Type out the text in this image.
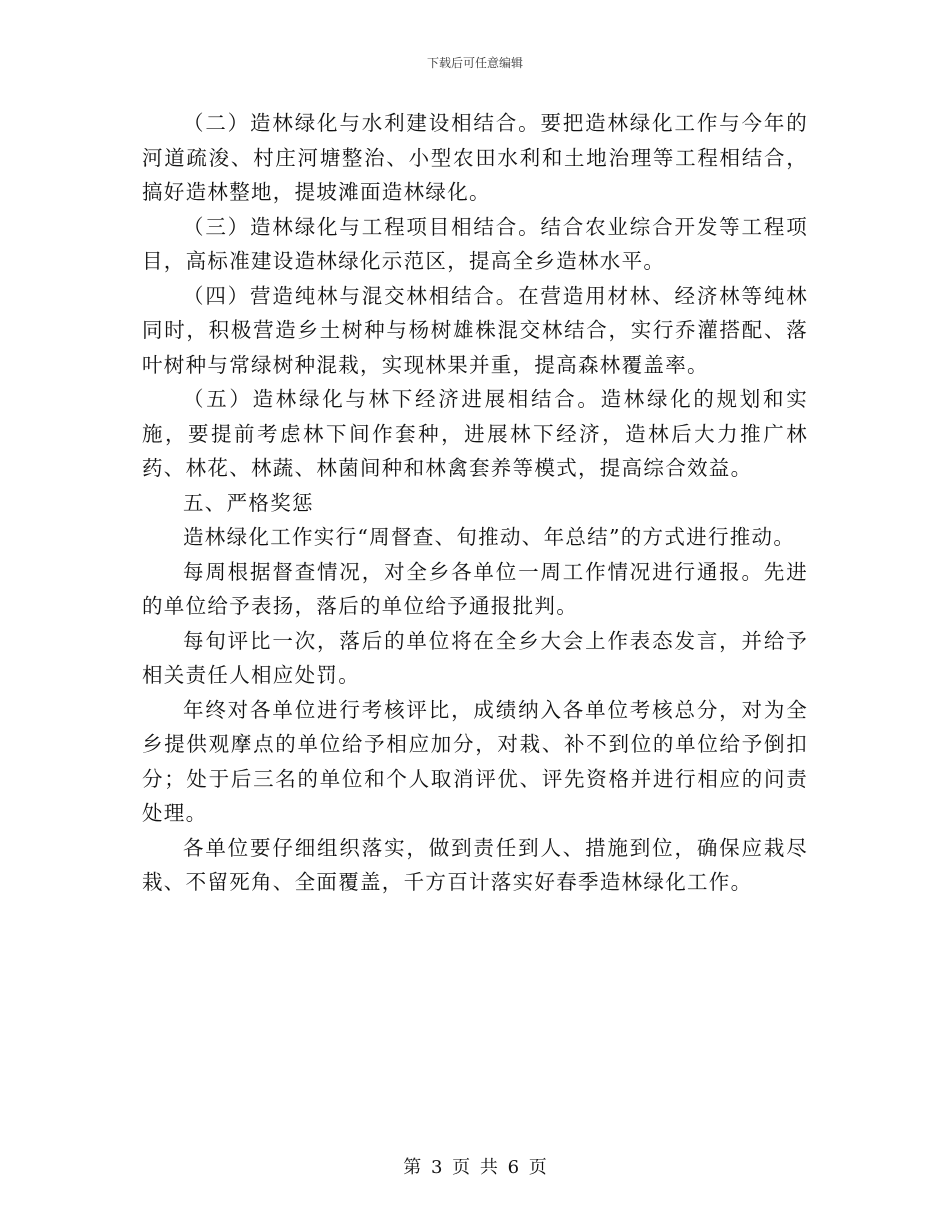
下载后可任意编辑

（二）造林绿化与水利建设相结合。要把造林绿化工作与今年的河道疏浚、村庄河塘整治、小型农田水利和土地治理等工程相结合，搞好造林整地，提坡滩面造林绿化。

（三）造林绿化与工程项目相结合。结合农业综合开发等工程项目，高标准建设造林绿化示范区，提高全乡造林水平。

（四）营造纯林与混交林相结合。在营造用材林、经济林等纯林同时，积极营造乡土树种与杨树雄株混交林结合，实行乔灌搭配、落叶树种与常绿树种混栽，实现林果并重，提高森林覆盖率。

（五）造林绿化与林下经济进展相结合。造林绿化的规划和实施，要提前考虑林下间作套种，进展林下经济，造林后大力推广林药、林花、林蔬、林菌间种和林禽套养等模式，提高综合效益。

五、严格奖惩

造林绿化工作实行“周督查、旬推动、年总结”的方式进行推动。

每周根据督查情况，对全乡各单位一周工作情况进行通报。先进的单位给予表扬，落后的单位给予通报批判。

每旬评比一次，落后的单位将在全乡大会上作表态发言，并给予相关责任人相应处罚。

年终对各单位进行考核评比，成绩纳入各单位考核总分，对为全乡提供观摩点的单位给予相应加分，对栽、补不到位的单位给予倒扣分；处于后三名的单位和个人取消评优、评先资格并进行相应的问责处理。

各单位要仔细组织落实，做到责任到人、措施到位，确保应栽尽栽、不留死角、全面覆盖，千方百计落实好春季造林绿化工作。

第 3 页 共 6 页
